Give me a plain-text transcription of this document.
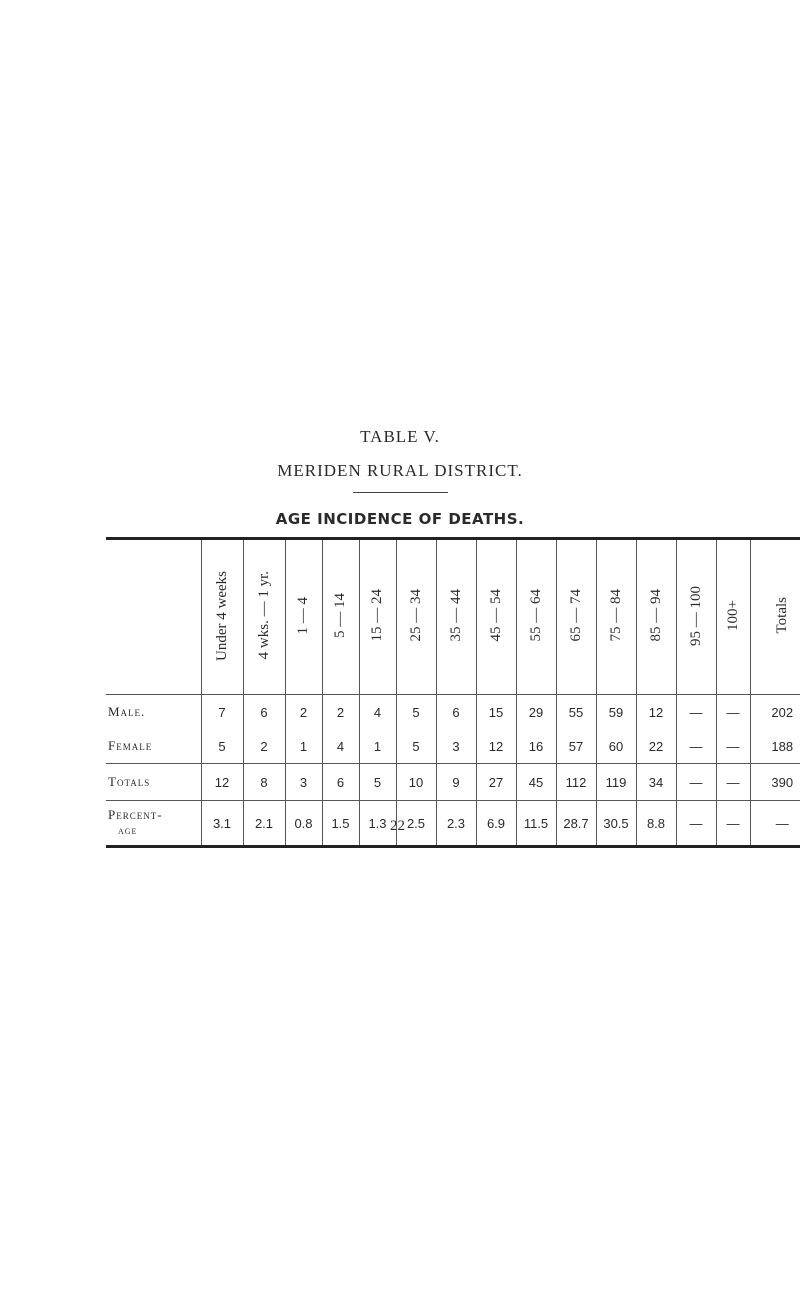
22
TABLE V.
MERIDEN RURAL DISTRICT.
AGE INCIDENCE OF DEATHS.
	Under 4 weeks	4 wks. — 1 yr.	1 — 4	5 — 14	15 — 24	25 — 34	35 — 44	45 — 54	55 — 64	65 — 74	75 — 84	85 — 94	95 — 100	100+	Totals
Male.	7	6	2	2	4	5	6	15	29	55	59	12	—	—	202
Female	5	2	1	4	1	5	3	12	16	57	60	22	—	—	188
Totals	12	8	3	6	5	10	9	27	45	112	119	34	—	—	390
Percent-
age	3.1	2.1	0.8	1.5	1.3	2.5	2.3	6.9	11.5	28.7	30.5	8.8	—	—	—
